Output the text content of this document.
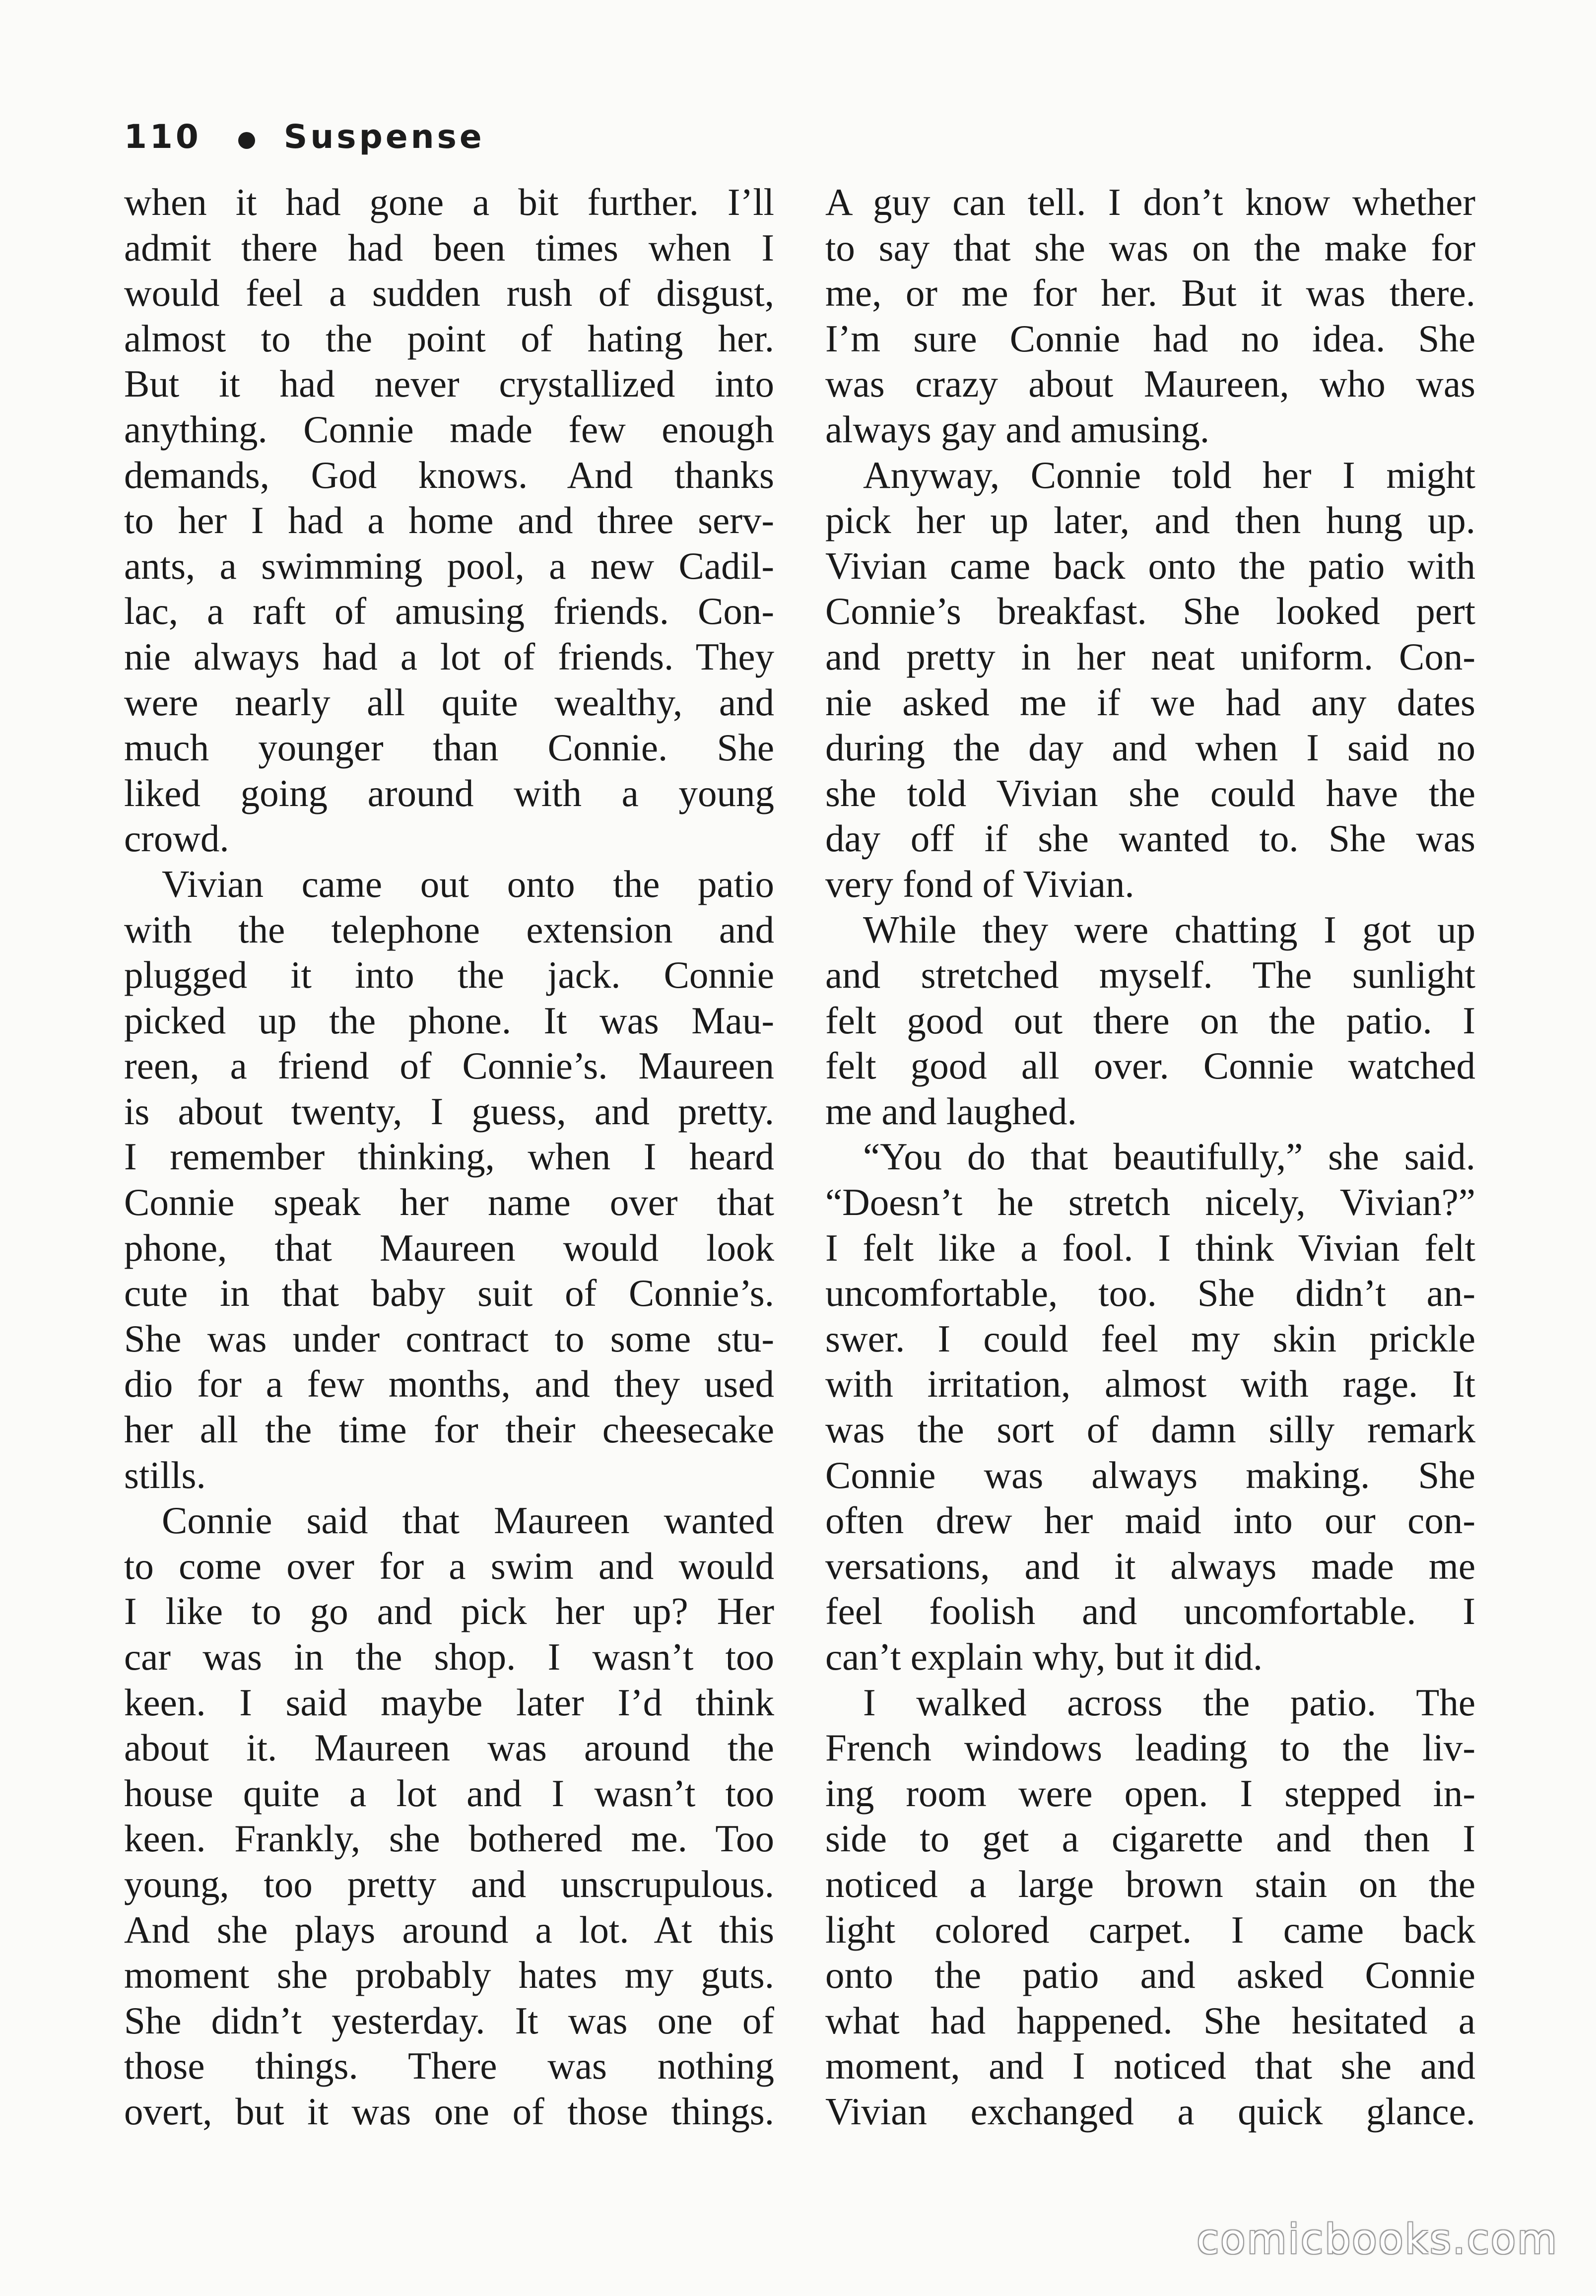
110	Suspense
when it had gone a bit further. I’ll
admit there had been times when I
would feel a sudden rush of disgust,
almost to the point of hating her.
But it had never crystallized into
anything. Connie made few enough
demands, God knows. And thanks
to her I had a home and three serv-
ants, a swimming pool, a new Cadil-
lac, a raft of amusing friends. Con-
nie always had a lot of friends. They
were nearly all quite wealthy, and
much younger than Connie. She
liked going around with a young
crowd.
Vivian came out onto the patio
with the telephone extension and
plugged it into the jack. Connie
picked up the phone. It was Mau-
reen, a friend of Connie’s. Maureen
is about twenty, I guess, and pretty.
I remember thinking, when I heard
Connie speak her name over that
phone, that Maureen would look
cute in that baby suit of Connie’s.
She was under contract to some stu-
dio for a few months, and they used
her all the time for their cheesecake
stills.
Connie said that Maureen wanted
to come over for a swim and would
I like to go and pick her up? Her
car was in the shop. I wasn’t too
keen. I said maybe later I’d think
about it. Maureen was around the
house quite a lot and I wasn’t too
keen. Frankly, she bothered me. Too
young, too pretty and unscrupulous.
And she plays around a lot. At this
moment she probably hates my guts.
She didn’t yesterday. It was one of
those things. There was nothing
overt, but it was one of those things.
A guy can tell. I don’t know whether
to say that she was on the make for
me, or me for her. But it was there.
I’m sure Connie had no idea. She
was crazy about Maureen, who was
always gay and amusing.
Anyway, Connie told her I might
pick her up later, and then hung up.
Vivian came back onto the patio with
Connie’s breakfast. She looked pert
and pretty in her neat uniform. Con-
nie asked me if we had any dates
during the day and when I said no
she told Vivian she could have the
day off if she wanted to. She was
very fond of Vivian.
While they were chatting I got up
and stretched myself. The sunlight
felt good out there on the patio. I
felt good all over. Connie watched
me and laughed.
“You do that beautifully,” she said.
“Doesn’t he stretch nicely, Vivian?”
I felt like a fool. I think Vivian felt
uncomfortable, too. She didn’t an-
swer. I could feel my skin prickle
with irritation, almost with rage. It
was the sort of damn silly remark
Connie was always making. She
often drew her maid into our con-
versations, and it always made me
feel foolish and uncomfortable. I
can’t explain why, but it did.
I walked across the patio. The
French windows leading to the liv-
ing room were open. I stepped in-
side to get a cigarette and then I
noticed a large brown stain on the
light colored carpet. I came back
onto the patio and asked Connie
what had happened. She hesitated a
moment, and I noticed that she and
Vivian exchanged a quick glance.
comicbooks.com
